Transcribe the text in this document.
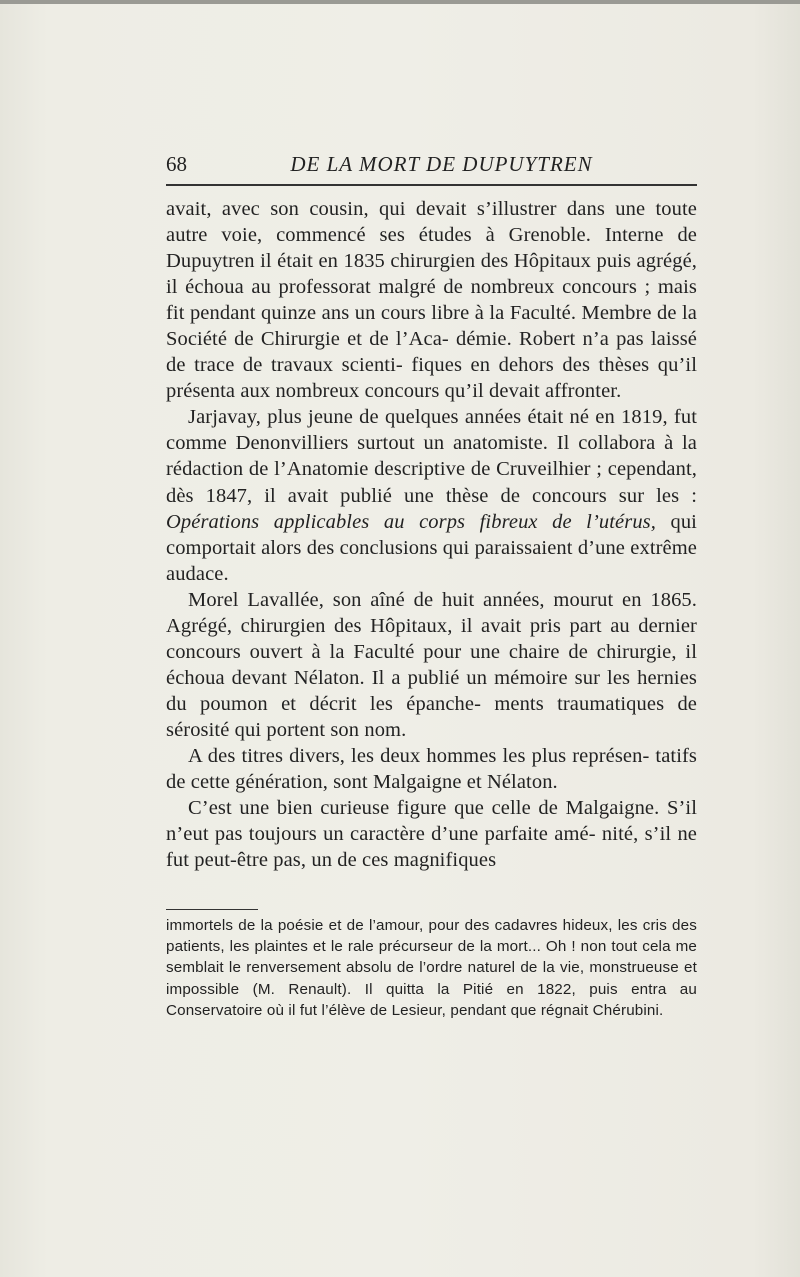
68	DE LA MORT DE DUPUYTREN

avait, avec son cousin, qui devait s’illustrer dans une toute autre voie, commencé ses études à Grenoble. Interne de Dupuytren il était en 1835 chirurgien des Hôpitaux puis agrégé, il échoua au professorat malgré de nombreux concours ; mais fit pendant quinze ans un cours libre à la Faculté. Membre de la Société de Chirurgie et de l’Aca- démie. Robert n’a pas laissé de trace de travaux scienti- fiques en dehors des thèses qu’il présenta aux nombreux concours qu’il devait affronter.

Jarjavay, plus jeune de quelques années était né en 1819, fut comme Denonvilliers surtout un anatomiste. Il collabora à la rédaction de l’Anatomie descriptive de Cruveilhier ; cependant, dès 1847, il avait publié une thèse de concours sur les : Opérations applicables au corps fibreux de l’utérus, qui comportait alors des conclusions qui paraissaient d’une extrême audace.

Morel Lavallée, son aîné de huit années, mourut en 1865. Agrégé, chirurgien des Hôpitaux, il avait pris part au dernier concours ouvert à la Faculté pour une chaire de chirurgie, il échoua devant Nélaton. Il a publié un mémoire sur les hernies du poumon et décrit les épanche- ments traumatiques de sérosité qui portent son nom.

A des titres divers, les deux hommes les plus représen- tatifs de cette génération, sont Malgaigne et Nélaton.

C’est une bien curieuse figure que celle de Malgaigne. S’il n’eut pas toujours un caractère d’une parfaite amé- nité, s’il ne fut peut-être pas, un de ces magnifiques

immortels de la poésie et de l’amour, pour des cadavres hideux, les cris des patients, les plaintes et le rale précurseur de la mort... Oh ! non tout cela me semblait le renversement absolu de l’ordre naturel de la vie, monstrueuse et impossible (M. Renault). Il quitta la Pitié en 1822, puis entra au Conservatoire où il fut l’élève de Lesieur, pendant que régnait Chérubini.
